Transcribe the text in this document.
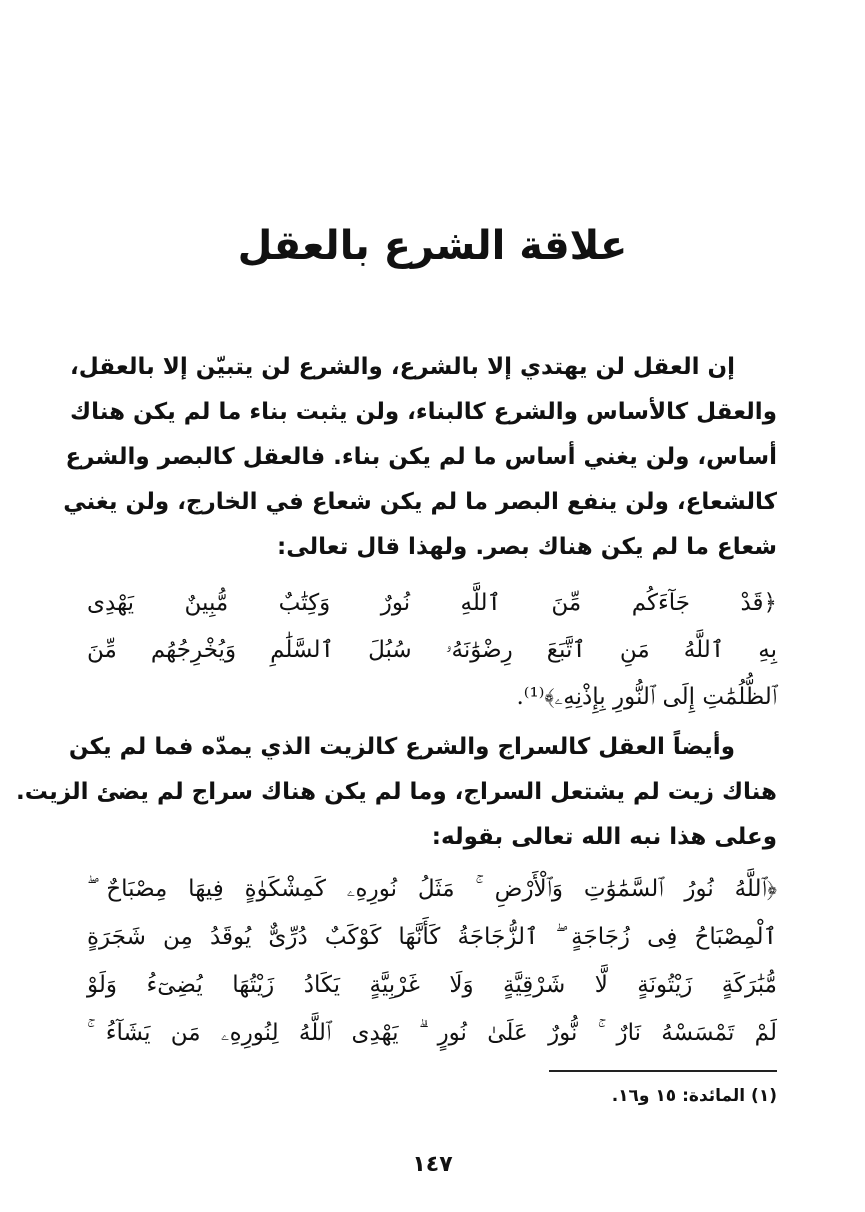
علاقة الشرع بالعقل
إن العقل لن يهتدي إلا بالشرع، والشرع لن يتبيّن إلا بالعقل،
والعقل كالأساس والشرع كالبناء، ولن يثبت بناء ما لم يكن هناك
أساس، ولن يغني أساس ما لم يكن بناء. فالعقل كالبصر والشرع
كالشعاع، ولن ينفع البصر ما لم يكن شعاع في الخارج، ولن يغني
شعاع ما لم يكن هناك بصر. ولهذا قال تعالى:
﴿قَدْ جَآءَكُم مِّنَ ٱللَّهِ نُورٌ وَكِتَٰبٌ مُّبِينٌ يَهْدِى
بِهِ ٱللَّهُ مَنِ ٱتَّبَعَ رِضْوَٰنَهُۥ سُبُلَ ٱلسَّلَٰمِ وَيُخْرِجُهُم مِّنَ
ٱلظُّلُمَٰتِ إِلَى ٱلنُّورِ بِإِذْنِهِۦ﴾⁽¹⁾.
وأيضاً العقل كالسراج والشرع كالزيت الذي يمدّه فما لم يكن
هناك زيت لم يشتعل السراج، وما لم يكن هناك سراج لم يضئ الزيت.
وعلى هذا نبه الله تعالى بقوله:
﴿ٱللَّهُ نُورُ ٱلسَّمَٰوَٰتِ وَٱلْأَرْضِ ۚ مَثَلُ نُورِهِۦ كَمِشْكَوٰةٍ فِيهَا مِصْبَاحٌ ۖ
ٱلْمِصْبَاحُ فِى زُجَاجَةٍ ۖ ٱلزُّجَاجَةُ كَأَنَّهَا كَوْكَبٌ دُرِّىٌّ يُوقَدُ مِن شَجَرَةٍ
مُّبَٰرَكَةٍ زَيْتُونَةٍ لَّا شَرْقِيَّةٍ وَلَا غَرْبِيَّةٍ يَكَادُ زَيْتُهَا يُضِىٓءُ وَلَوْ
لَمْ تَمْسَسْهُ نَارٌ ۚ نُّورٌ عَلَىٰ نُورٍ ۗ يَهْدِى ٱللَّهُ لِنُورِهِۦ مَن يَشَآءُ ۚ
(١) المائدة: ١٥ و١٦.
١٤٧
